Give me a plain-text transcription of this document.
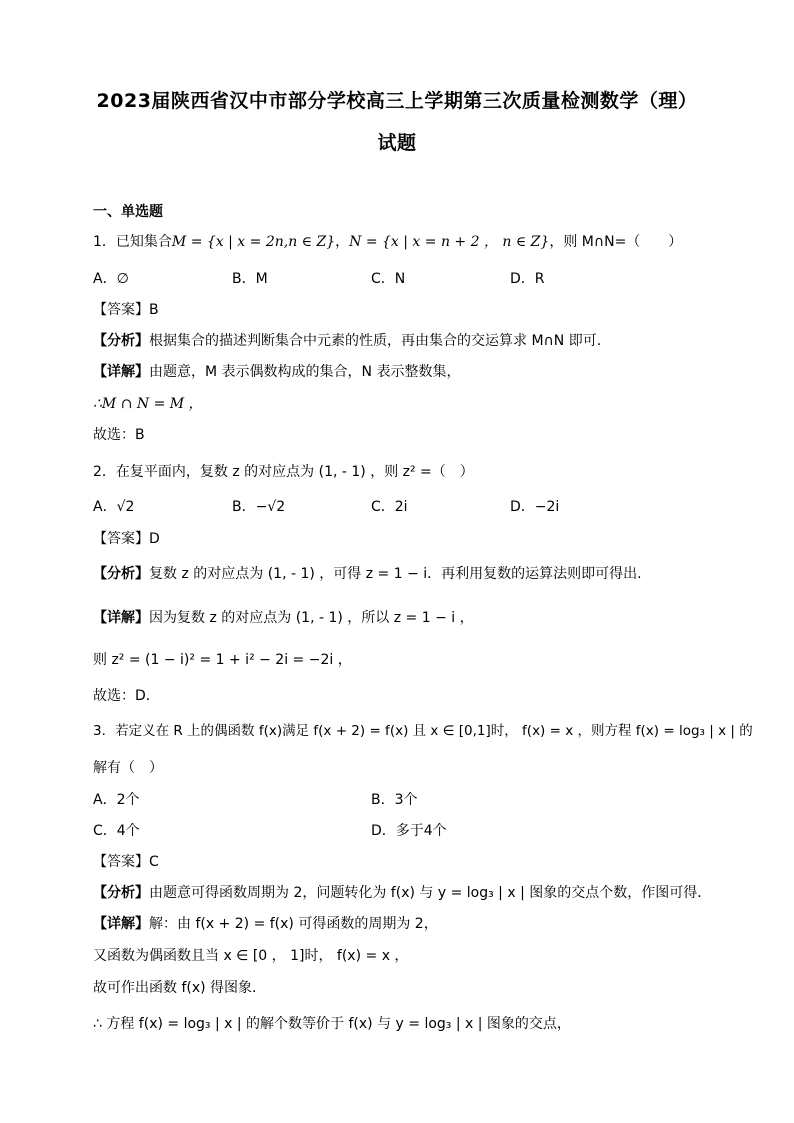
2023届陕西省汉中市部分学校高三上学期第三次质量检测数学（理）
试题
一、单选题
1．已知集合M = {x | x = 2n,n ∈ Z}，N = {x | x = n + 2 ， n ∈ Z}，则 M∩N=（　　）
A．∅	B．M	C．N	D．R
【答案】B
【分析】根据集合的描述判断集合中元素的性质，再由集合的交运算求 M∩N 即可.
【详解】由题意，M 表示偶数构成的集合，N 表示整数集，
∴M ∩ N = M ，
故选：B
2．在复平面内，复数 z 的对应点为 (1, - 1) ，则 z² =（　）
A．√2	B．−√2	C．2i	D．−2i
【答案】D
【分析】复数 z 的对应点为 (1, - 1) ，可得 z = 1 − i．再利用复数的运算法则即可得出.
【详解】因为复数 z 的对应点为 (1, - 1) ，所以 z = 1 − i ，
则 z² = (1 − i)² = 1 + i² − 2i = −2i ，
故选：D．
3．若定义在 R 上的偶函数 f(x)满足 f(x + 2) = f(x) 且 x ∈ [0,1]时， f(x) = x ，则方程 f(x) = log₃ | x | 的
解有（　）
A．2个	B．3个
C．4个	D．多于4个
【答案】C
【分析】由题意可得函数周期为 2，问题转化为 f(x) 与 y = log₃ | x | 图象的交点个数，作图可得．
【详解】解：由 f(x + 2) = f(x) 可得函数的周期为 2，
又函数为偶函数且当 x ∈ [0 ， 1]时， f(x) = x ，
故可作出函数 f(x) 得图象．
∴ 方程 f(x) = log₃ | x | 的解个数等价于 f(x) 与 y = log₃ | x | 图象的交点，
